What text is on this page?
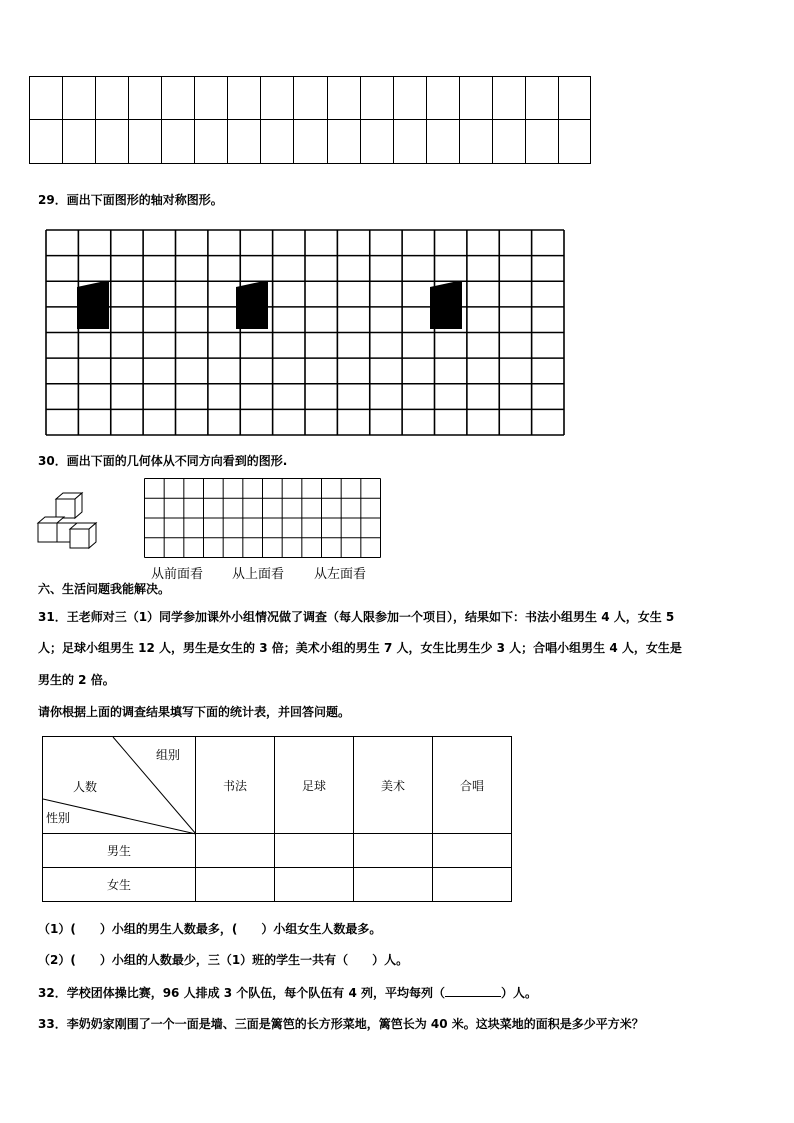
29．画出下面图形的轴对称图形。
30．画出下面的几何体从不同方向看到的图形.
从前面看 从上面看 从左面看
六、生活问题我能解决。
31．王老师对三（1）同学参加课外小组情况做了调查（每人限参加一个项目），结果如下：书法小组男生 4 人，女生 5
人；足球小组男生 12 人，男生是女生的 3 倍；美术小组的男生 7 人，女生比男生少 3 人；合唱小组男生 4 人，女生是
男生的 2 倍。
请你根据上面的调查结果填写下面的统计表，并回答问题。
组别
人数
性别	书法	足球	美术	合唱
男生				
女生				
（1）(　　）小组的男生人数最多，(　　）小组女生人数最多。
（2）(　　）小组的人数最少，三（1）班的学生一共有（　　）人。
32．学校团体操比赛，96 人排成 3 个队伍，每个队伍有 4 列，平均每列（	）人。
33．李奶奶家刚围了一个一面是墙、三面是篱笆的长方形菜地，篱笆长为 40 米。这块菜地的面积是多少平方米？
